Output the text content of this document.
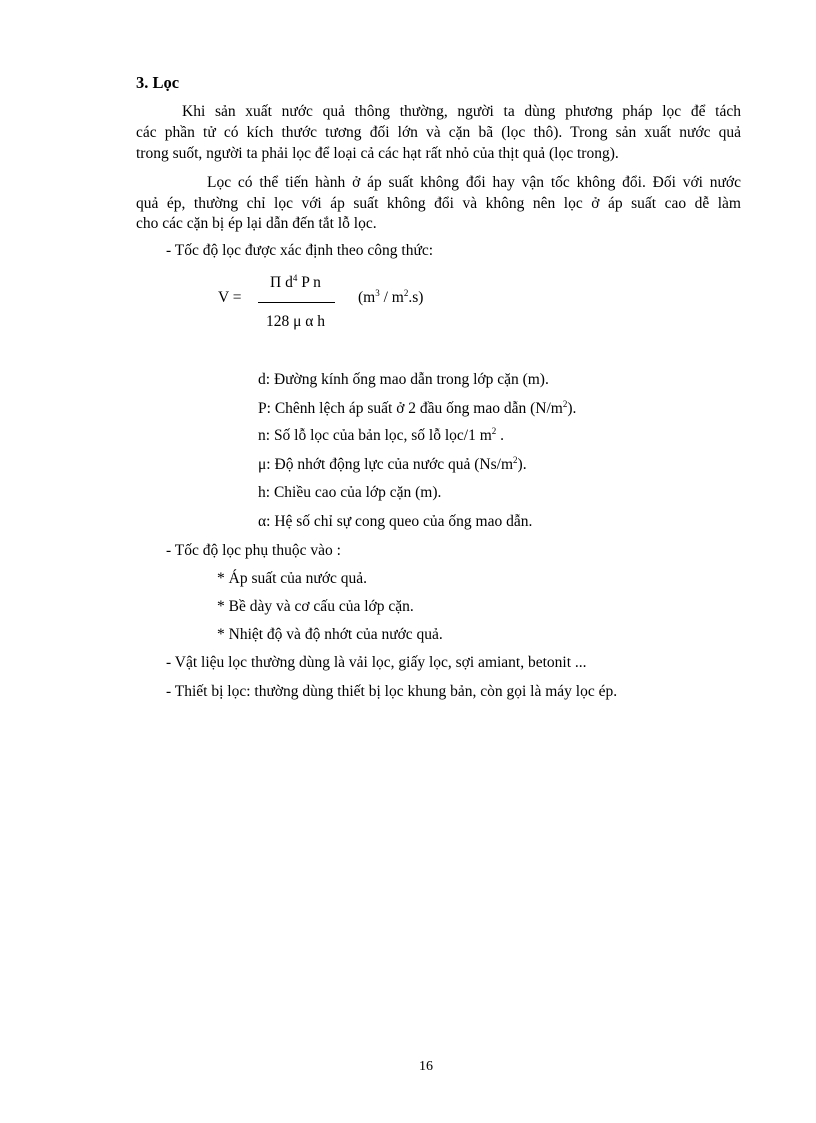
3. Lọc
Khi sản xuất nước quả thông thường, người ta dùng phương pháp lọc để tách
các phần tử có kích thước tương đối lớn và cặn bã (lọc thô). Trong sản xuất nước quả
trong suốt, người ta phải lọc để loại cả các hạt rất nhỏ của thịt quả (lọc trong).
Lọc có thể tiến hành ở áp suất không đổi hay vận tốc không đổi. Đối với nước
quả ép, thường chỉ lọc với áp suất không đổi và không nên lọc ở áp suất cao dễ làm
cho các cặn bị ép lại dẫn đến tắt lỗ lọc.
- Tốc độ lọc được xác định theo công thức:
V =
Π $d^4$ P n
128 μ α h
$(m^3 / m^2.s)$
d: Đường kính ống mao dẫn trong lớp cặn (m).
P: Chênh lệch áp suất ở 2 đầu ống mao dẫn $(N/m^2)$.
n: Số lỗ lọc của bản lọc, số lỗ lọc/1 $m^2$ .
μ: Độ nhớt động lực của nước quả $(Ns/m^2)$.
h: Chiều cao của lớp cặn (m).
α: Hệ số chỉ sự cong queo của ống mao dẫn.
- Tốc độ lọc phụ thuộc vào :
* Áp suất của nước quả.
* Bề dày và cơ cấu của lớp cặn.
* Nhiệt độ và độ nhớt của nước quả.
- Vật liệu lọc thường dùng là vải lọc, giấy lọc, sợi amiant, betonit ...
- Thiết bị lọc: thường dùng thiết bị lọc khung bản, còn gọi là máy lọc ép.
16
